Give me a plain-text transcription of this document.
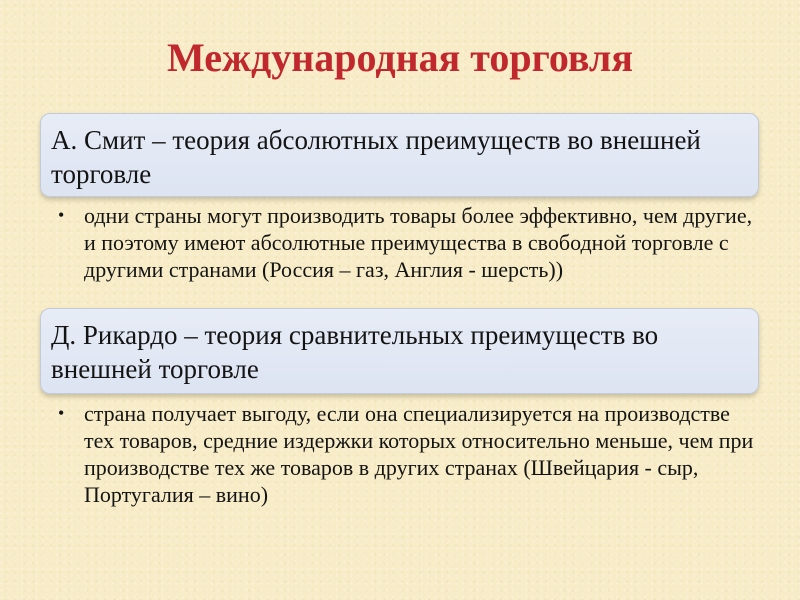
Международная торговля
А. Смит – теория абсолютных преимуществ во внешней торговле
• одни страны могут производить товары более эффективно, чем другие, и поэтому имеют абсолютные преимущества в свободной торговле с другими странами (Россия – газ, Англия - шерсть))
Д. Рикардо – теория сравнительных преимуществ во внешней торговле
• страна получает выгоду, если она специализируется на производстве тех товаров, средние издержки которых относительно меньше, чем при производстве тех же товаров в других странах (Швейцария - сыр, Португалия – вино)
